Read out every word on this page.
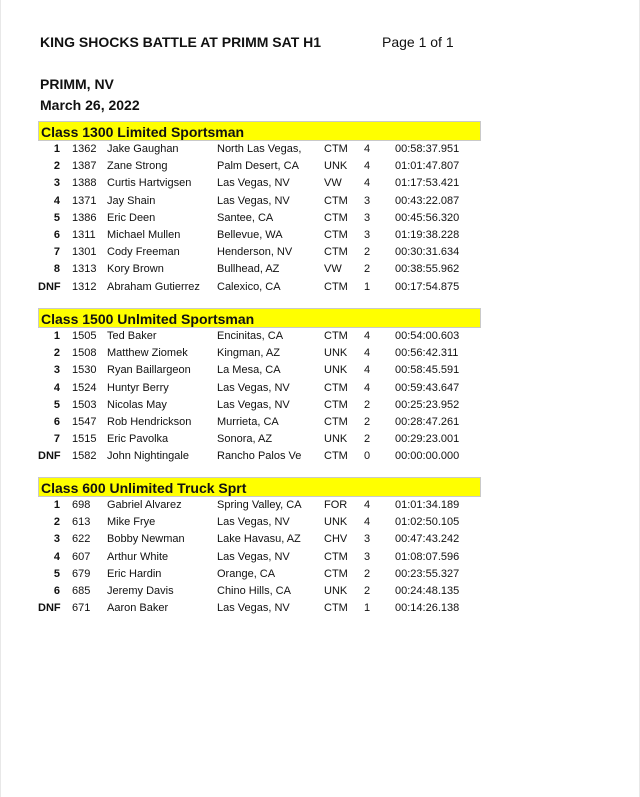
KING SHOCKS BATTLE AT PRIMM SAT H1	Page 1 of 1
PRIMM, NV
March 26, 2022
Class 1300 Limited Sportsman
1 1362 Jake Gaughan	North Las Vegas,	CTM 4 00:58:37.951
2 1387 Zane Strong	Palm Desert, CA	UNK 4 01:01:47.807
3 1388 Curtis Hartvigsen	Las Vegas, NV	VW 4 01:17:53.421
4 1371 Jay Shain	Las Vegas, NV	CTM 3 00:43:22.087
5 1386 Eric Deen	Santee, CA	CTM 3 00:45:56.320
6 1311 Michael Mullen	Bellevue, WA	CTM 3 01:19:38.228
7 1301 Cody Freeman	Henderson, NV	CTM 2 00:30:31.634
8 1313 Kory Brown	Bullhead, AZ	VW 2 00:38:55.962
DNF 1312 Abraham Gutierrez	Calexico, CA	CTM 1 00:17:54.875
Class 1500 Unlmited Sportsman
1 1505 Ted Baker	Encinitas, CA	CTM 4 00:54:00.603
2 1508 Matthew Ziomek	Kingman, AZ	UNK 4 00:56:42.311
3 1530 Ryan Baillargeon	La Mesa, CA	UNK 4 00:58:45.591
4 1524 Huntyr Berry	Las Vegas, NV	CTM 4 00:59:43.647
5 1503 Nicolas May	Las Vegas, NV	CTM 2 00:25:23.952
6 1547 Rob Hendrickson	Murrieta, CA	CTM 2 00:28:47.261
7 1515 Eric Pavolka	Sonora, AZ	UNK 2 00:29:23.001
DNF 1582 John Nightingale	Rancho Palos Ve	CTM 0 00:00:00.000
Class 600 Unlimited Truck Sprt
1 698 Gabriel Alvarez	Spring Valley, CA	FOR 4 01:01:34.189
2 613 Mike Frye	Las Vegas, NV	UNK 4 01:02:50.105
3 622 Bobby Newman	Lake Havasu, AZ	CHV 3 00:47:43.242
4 607 Arthur White	Las Vegas, NV	CTM 3 01:08:07.596
5 679 Eric Hardin	Orange, CA	CTM 2 00:23:55.327
6 685 Jeremy Davis	Chino Hills, CA	UNK 2 00:24:48.135
DNF 671 Aaron Baker	Las Vegas, NV	CTM 1 00:14:26.138
